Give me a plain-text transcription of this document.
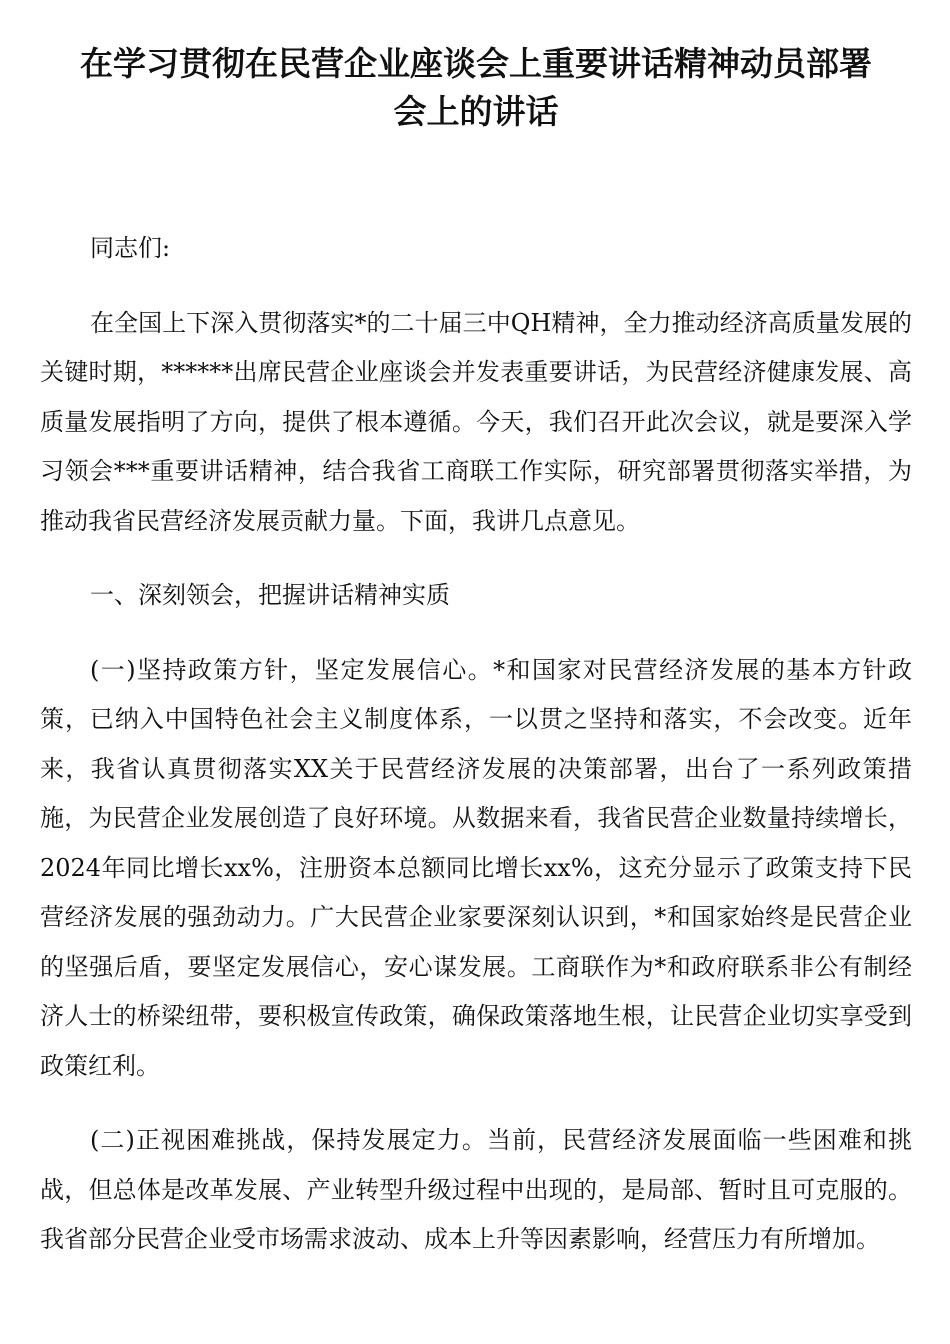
在学习贯彻在民营企业座谈会上重要讲话精神动员部署
会上的讲话

同志们:

在全国上下深入贯彻落实*的二十届三中QH精神，全力推动经济高质量发展的关键时期，******出席民营企业座谈会并发表重要讲话，为民营经济健康发展、高质量发展指明了方向，提供了根本遵循。今天，我们召开此次会议，就是要深入学习领会***重要讲话精神，结合我省工商联工作实际，研究部署贯彻落实举措，为推动我省民营经济发展贡献力量。下面，我讲几点意见。

一、深刻领会，把握讲话精神实质

(一)坚持政策方针，坚定发展信心。*和国家对民营经济发展的基本方针政策，已纳入中国特色社会主义制度体系，一以贯之坚持和落实，不会改变。近年来，我省认真贯彻落实XX关于民营经济发展的决策部署，出台了一系列政策措施，为民营企业发展创造了良好环境。从数据来看，我省民营企业数量持续增长，2024年同比增长xx%，注册资本总额同比增长xx%，这充分显示了政策支持下民营经济发展的强劲动力。广大民营企业家要深刻认识到，*和国家始终是民营企业的坚强后盾，要坚定发展信心，安心谋发展。工商联作为*和政府联系非公有制经济人士的桥梁纽带，要积极宣传政策，确保政策落地生根，让民营企业切实享受到政策红利。

(二)正视困难挑战，保持发展定力。当前，民营经济发展面临一些困难和挑战，但总体是改革发展、产业转型升级过程中出现的，是局部、暂时且可克服的。我省部分民营企业受市场需求波动、成本上升等因素影响，经营压力有所增加。
